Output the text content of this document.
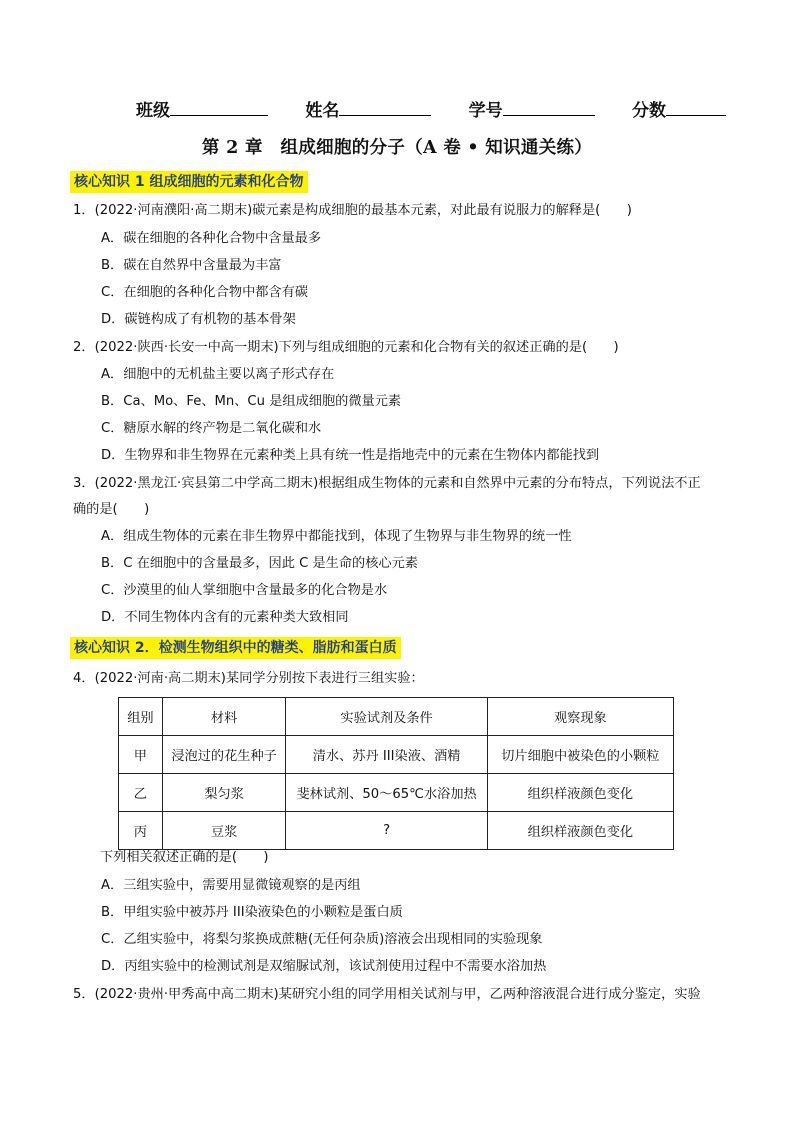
班级	姓名	学号	分数
第 2 章　组成细胞的分子（A 卷 • 知识通关练）
核心知识 1 组成细胞的元素和化合物
1．(2022·河南濮阳·高二期末)碳元素是构成细胞的最基本元素，对此最有说服力的解释是(　　)
A．碳在细胞的各种化合物中含量最多
B．碳在自然界中含量最为丰富
C．在细胞的各种化合物中都含有碳
D．碳链构成了有机物的基本骨架
2．(2022·陕西·长安一中高一期末)下列与组成细胞的元素和化合物有关的叙述正确的是(　　)
A．细胞中的无机盐主要以离子形式存在
B．Ca、Mo、Fe、Mn、Cu 是组成细胞的微量元素
C．糖原水解的终产物是二氧化碳和水
D．生物界和非生物界在元素种类上具有统一性是指地壳中的元素在生物体内都能找到
3．(2022·黑龙江·宾县第二中学高二期末)根据组成生物体的元素和自然界中元素的分布特点，下列说法不正
确的是(　　)
A．组成生物体的元素在非生物界中都能找到，体现了生物界与非生物界的统一性
B．C 在细胞中的含量最多，因此 C 是生命的核心元素
C．沙漠里的仙人掌细胞中含量最多的化合物是水
D．不同生物体内含有的元素种类大致相同
核心知识 2．检测生物组织中的糖类、脂肪和蛋白质
4．(2022·河南·高二期末)某同学分别按下表进行三组实验：
组别	材料	实验试剂及条件	观察现象
甲	浸泡过的花生种子	清水、苏丹 III染液、酒精	切片细胞中被染色的小颗粒
乙	梨匀浆	斐林试剂、50～65℃水浴加热	组织样液颜色变化
丙	豆浆	?	组织样液颜色变化
下列相关叙述正确的是(　　)
A．三组实验中，需要用显微镜观察的是丙组
B．甲组实验中被苏丹 III染液染色的小颗粒是蛋白质
C．乙组实验中，将梨匀浆换成蔗糖(无任何杂质)溶液会出现相同的实验现象
D．丙组实验中的检测试剂是双缩脲试剂，该试剂使用过程中不需要水浴加热
5．(2022·贵州·甲秀高中高二期末)某研究小组的同学用相关试剂与甲，乙两种溶液混合进行成分鉴定，实验
